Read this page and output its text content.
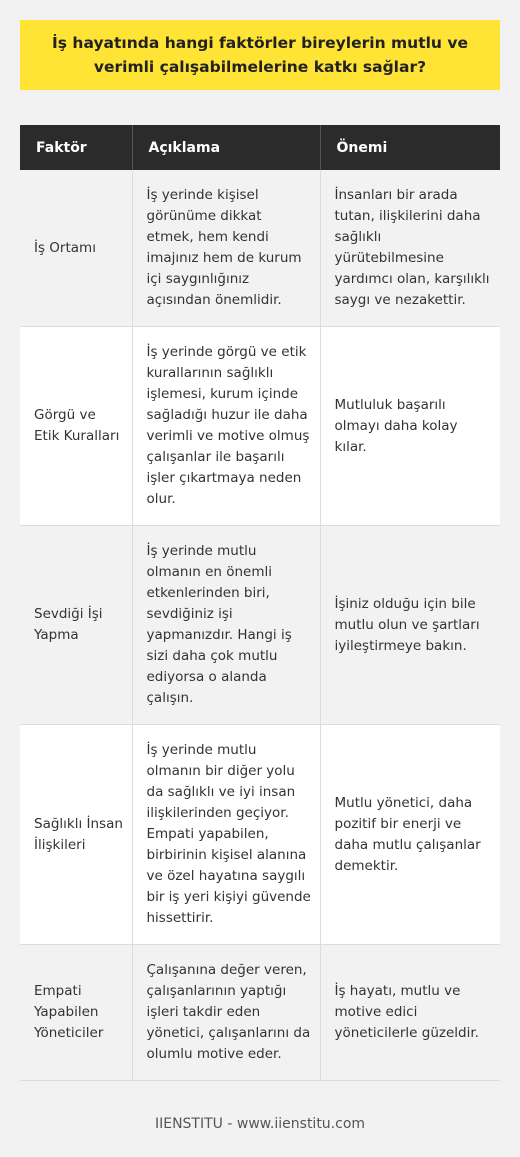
İş hayatında hangi faktörler bireylerin mutlu ve verimli çalışabilmelerine katkı sağlar?
Faktör	Açıklama	Önemi
İş Ortamı	İş yerinde kişisel görünüme dikkat etmek, hem kendi imajınız hem de kurum içi saygınlığınız açısından önemlidir.	İnsanları bir arada tutan, ilişkilerini daha sağlıklı yürütebilmesine yardımcı olan, karşılıklı saygı ve nezakettir.
Görgü ve Etik Kuralları	İş yerinde görgü ve etik kurallarının sağlıklı işlemesi, kurum içinde sağladığı huzur ile daha verimli ve motive olmuş çalışanlar ile başarılı işler çıkartmaya neden olur.	Mutluluk başarılı olmayı daha kolay kılar.
Sevdiği İşi Yapma	İş yerinde mutlu olmanın en önemli etkenlerinden biri, sevdiğiniz işi yapmanızdır. Hangi iş sizi daha çok mutlu ediyorsa o alanda çalışın.	İşiniz olduğu için bile mutlu olun ve şartları iyileştirmeye bakın.
Sağlıklı İnsan İlişkileri	İş yerinde mutlu olmanın bir diğer yolu da sağlıklı ve iyi insan ilişkilerinden geçiyor. Empati yapabilen, birbirinin kişisel alanına ve özel hayatına saygılı bir iş yeri kişiyi güvende hissettirir.	Mutlu yönetici, daha pozitif bir enerji ve daha mutlu çalışanlar demektir.
Empati Yapabilen Yöneticiler	Çalışanına değer veren, çalışanlarının yaptığı işleri takdir eden yönetici, çalışanlarını da olumlu motive eder.	İş hayatı, mutlu ve motive edici yöneticilerle güzeldir.
IIENSTITU - www.iienstitu.com
